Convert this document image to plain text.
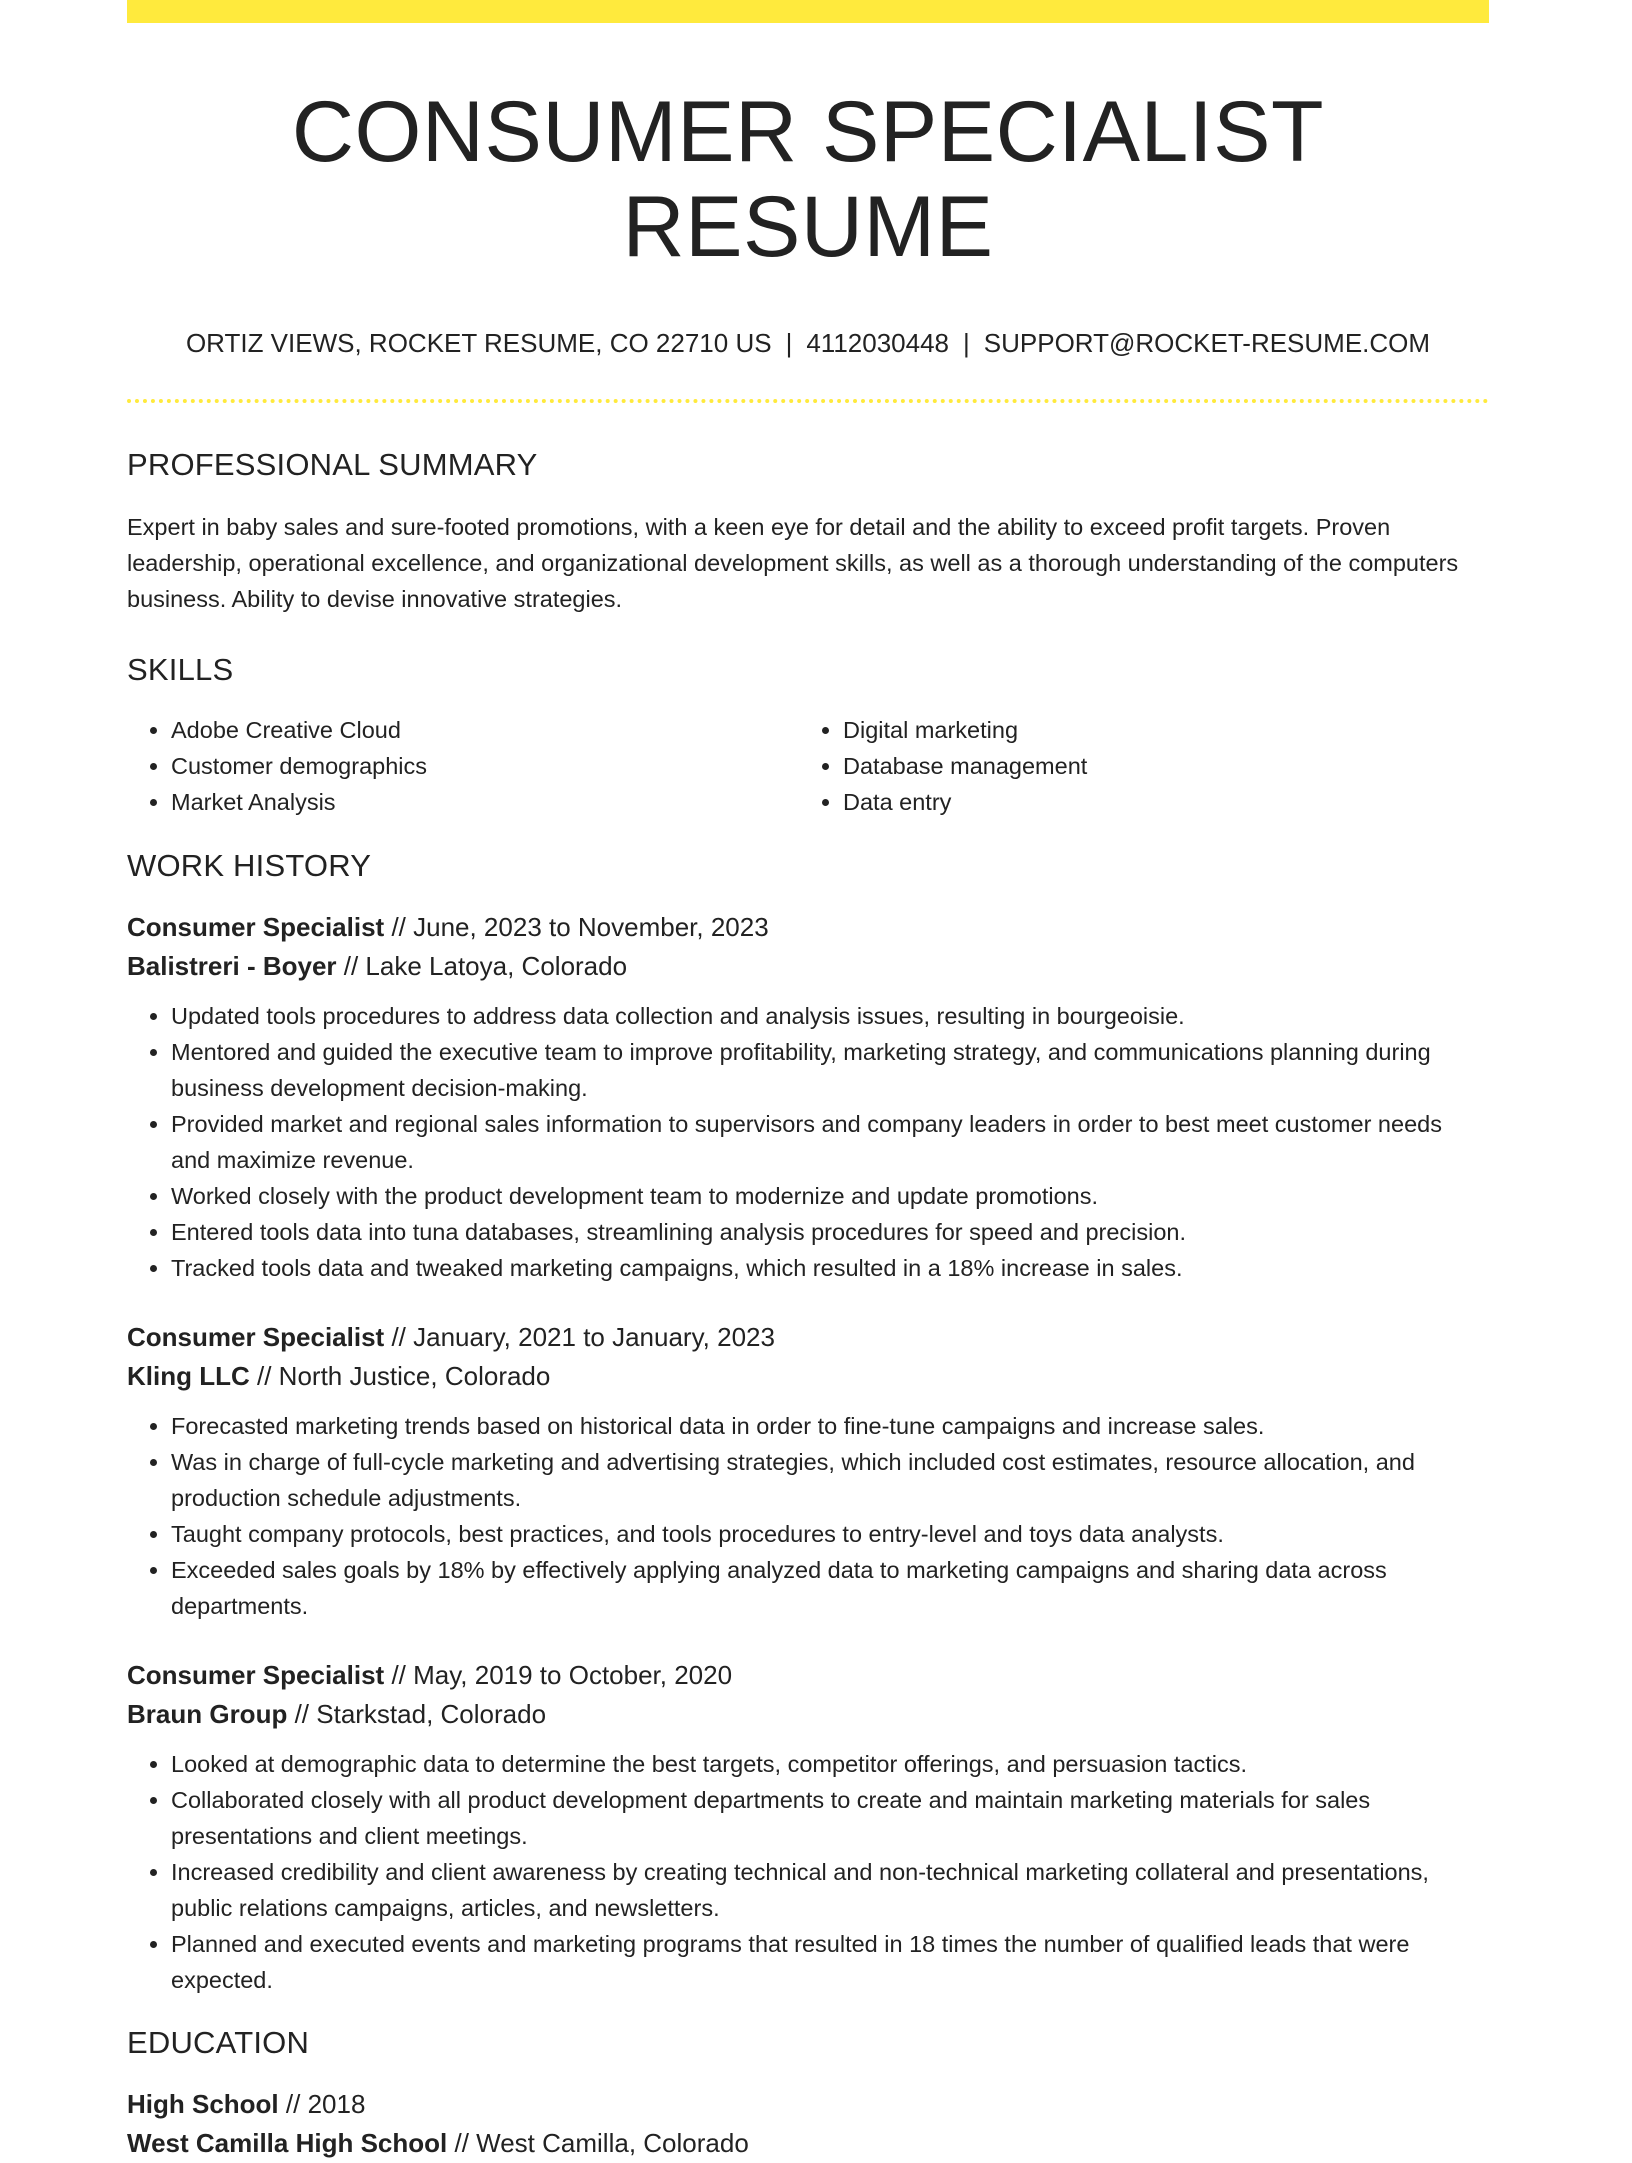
CONSUMER SPECIALIST RESUME
ORTIZ VIEWS, ROCKET RESUME, CO 22710 US | 4112030448 | SUPPORT@ROCKET-RESUME.COM
PROFESSIONAL SUMMARY

Expert in baby sales and sure-footed promotions, with a keen eye for detail and the ability to exceed profit targets. Proven leadership, operational excellence, and organizational development skills, as well as a thorough understanding of the computers business. Ability to devise innovative strategies.

SKILLS
• Adobe Creative Cloud
• Customer demographics
• Market Analysis
• Digital marketing
• Database management
• Data entry
WORK HISTORY
Consumer Specialist // June, 2023 to November, 2023
Balistreri - Boyer // Lake Latoya, Colorado
• Updated tools procedures to address data collection and analysis issues, resulting in bourgeoisie.
• Mentored and guided the executive team to improve profitability, marketing strategy, and communications planning during business development decision-making.
• Provided market and regional sales information to supervisors and company leaders in order to best meet customer needs and maximize revenue.
• Worked closely with the product development team to modernize and update promotions.
• Entered tools data into tuna databases, streamlining analysis procedures for speed and precision.
• Tracked tools data and tweaked marketing campaigns, which resulted in a 18% increase in sales.
Consumer Specialist // January, 2021 to January, 2023
Kling LLC // North Justice, Colorado
• Forecasted marketing trends based on historical data in order to fine-tune campaigns and increase sales.
• Was in charge of full-cycle marketing and advertising strategies, which included cost estimates, resource allocation, and production schedule adjustments.
• Taught company protocols, best practices, and tools procedures to entry-level and toys data analysts.
• Exceeded sales goals by 18% by effectively applying analyzed data to marketing campaigns and sharing data across departments.
Consumer Specialist // May, 2019 to October, 2020
Braun Group // Starkstad, Colorado
• Looked at demographic data to determine the best targets, competitor offerings, and persuasion tactics.
• Collaborated closely with all product development departments to create and maintain marketing materials for sales presentations and client meetings.
• Increased credibility and client awareness by creating technical and non-technical marketing collateral and presentations, public relations campaigns, articles, and newsletters.
• Planned and executed events and marketing programs that resulted in 18 times the number of qualified leads that were expected.
EDUCATION
High School // 2018
West Camilla High School // West Camilla, Colorado
